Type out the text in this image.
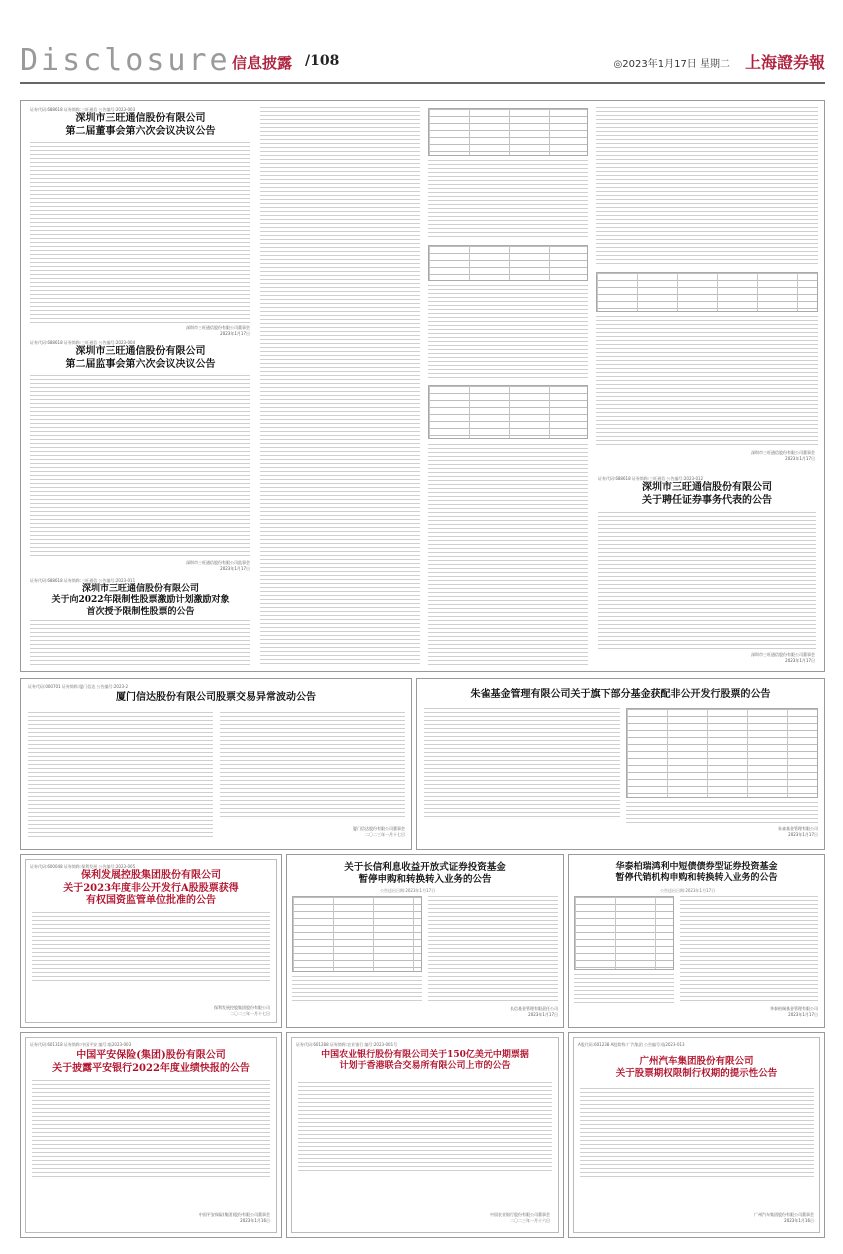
Disclosure 信息披露 /108	◎2023年1月17日 星期二 上海證券報
证券代码:688618 证券简称:三旺通信 公告编号:2023-003
深圳市三旺通信股份有限公司
第二届董事会第六次会议决议公告
深圳市三旺通信股份有限公司董事会
2023年1月17日
证券代码:688618 证券简称:三旺通信 公告编号:2023-004
深圳市三旺通信股份有限公司
第二届监事会第六次会议决议公告
深圳市三旺通信股份有限公司监事会
2023年1月17日
证券代码:688618 证券简称:三旺通信 公告编号:2023-011
深圳市三旺通信股份有限公司
关于向2022年限制性股票激励计划激励对象
首次授予限制性股票的公告
深圳市三旺通信股份有限公司董事会
2023年1月17日
证券代码:688618 证券简称:三旺通信 公告编号:2023-012
深圳市三旺通信股份有限公司
关于聘任证券事务代表的公告
深圳市三旺通信股份有限公司董事会
2023年1月17日
证券代码:000701 证券简称:厦门信达 公告编号:2023-2
厦门信达股份有限公司股票交易异常波动公告
厦门信达股份有限公司董事会
二〇二三年一月十七日
朱雀基金管理有限公司关于旗下部分基金获配非公开发行股票的公告
朱雀基金管理有限公司
2023年1月17日
证券代码:600048 证券简称:保利发展 公告编号:2023-005
保利发展控股集团股份有限公司
关于2023年度非公开发行A股股票获得
有权国资监管单位批准的公告
保利发展控股集团股份有限公司
二〇二三年一月十七日
关于长信利息收益开放式证券投资基金
暂停申购和转换转入业务的公告
公告送出日期:2023年1月17日
长信基金管理有限责任公司
2023年1月17日
华泰柏瑞鸿利中短债债券型证券投资基金
暂停代销机构申购和转换转入业务的公告
公告送出日期:2023年1月17日
华泰柏瑞基金管理有限公司
2023年1月17日
证券代码:601318 证券简称:中国平安 编号:临2023-003
中国平安保险(集团)股份有限公司
关于披露平安银行2022年度业绩快报的公告
中国平安保险(集团)股份有限公司董事会
2023年1月16日
证券代码:601288 证券简称:农业银行 编号:2023-001号
中国农业银行股份有限公司关于150亿美元中期票据
计划于香港联合交易所有限公司上市的公告
中国农业银行股份有限公司董事会
二〇二三年一月十六日
A股代码:601238 A股简称:广汽集团 公告编号:临2023-013
广州汽车集团股份有限公司
关于股票期权限制行权期的提示性公告
广州汽车集团股份有限公司董事会
2023年1月16日
